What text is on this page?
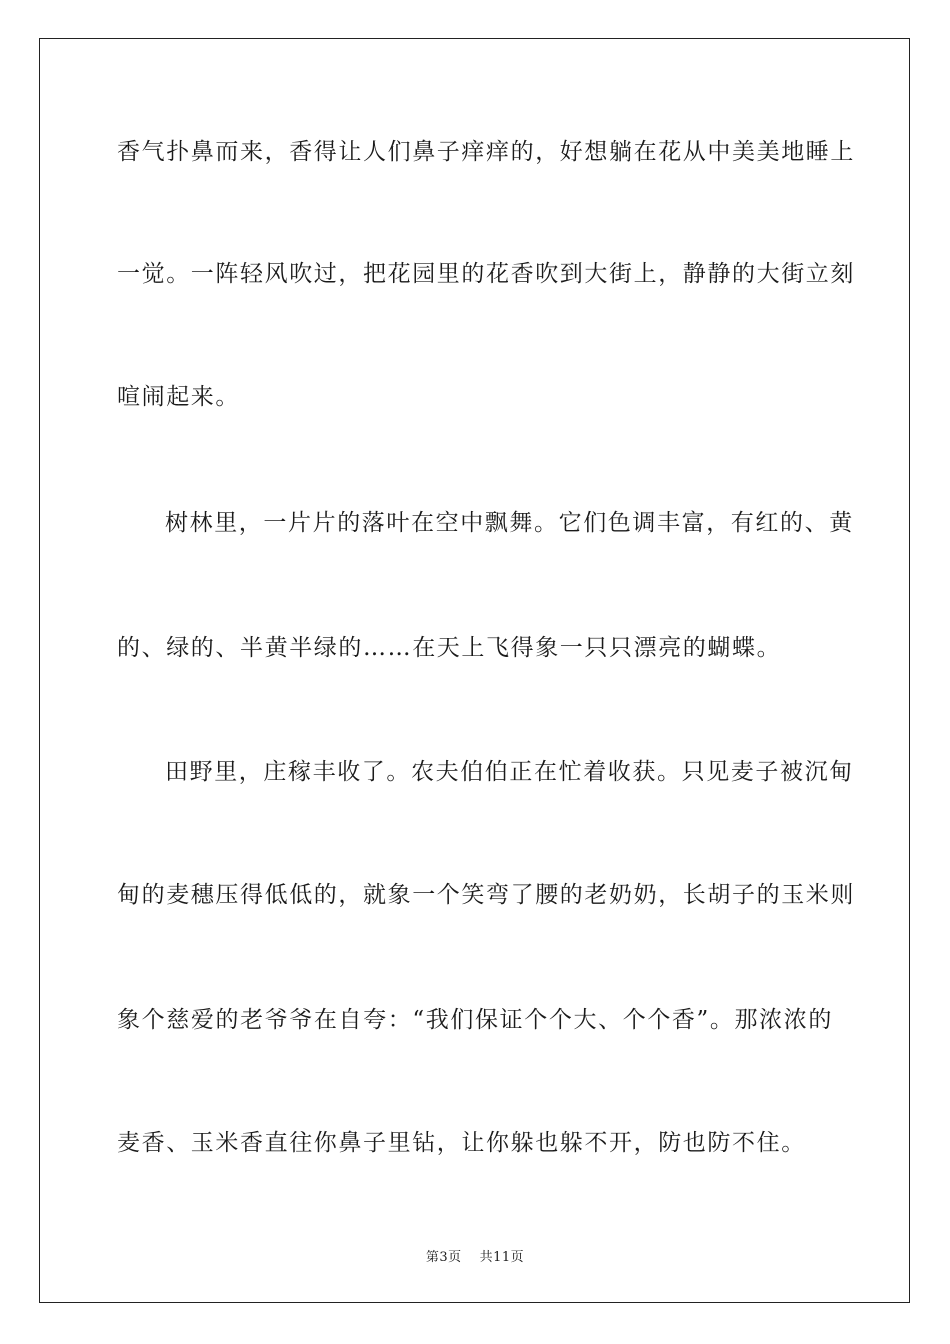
香气扑鼻而来，香得让人们鼻子痒痒的，好想躺在花从中美美地睡上
一觉。一阵轻风吹过，把花园里的花香吹到大街上，静静的大街立刻
喧闹起来。
树林里，一片片的落叶在空中飘舞。它们色调丰富，有红的、黄
的、绿的、半黄半绿的……在天上飞得象一只只漂亮的蝴蝶。
田野里，庄稼丰收了。农夫伯伯正在忙着收获。只见麦子被沉甸
甸的麦穗压得低低的，就象一个笑弯了腰的老奶奶，长胡子的玉米则
象个慈爱的老爷爷在自夸：“我们保证个个大、个个香”。那浓浓的
麦香、玉米香直往你鼻子里钻，让你躲也躲不开，防也防不住。
第3页 共11页
